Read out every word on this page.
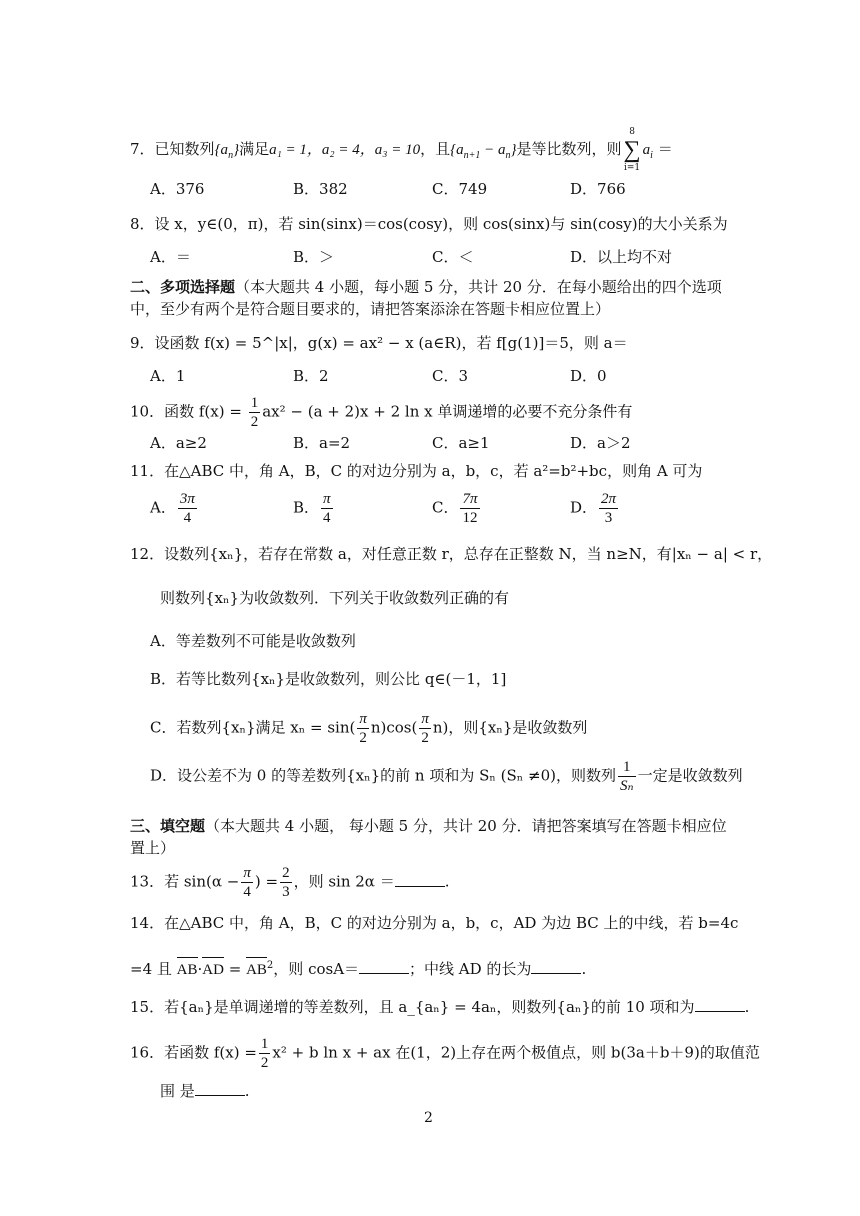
7．已知数列$\{a_n\}$满足a₁ = 1，a₂ = 4，a₃ = 10，且$\{a_{n+1} - a_n\}$是等比数列，则
8
∑
i=1
$a_i$ ＝
A．376	B．382	C．749	D．766
8．设 x，y∈(0，π)，若 sin(sinx)＝cos(cosy)，则 cos(sinx)与 sin(cosy)的大小关系为
A．＝	B．＞	C．＜	D．以上均不对
二、多项选择题（本大题共 4 小题，每小题 5 分，共计 20 分．在每小题给出的四个选项中，至少有两个是符合题目要求的，请把答案添涂在答题卡相应位置上）
9．设函数 f(x) = 5^|x|，g(x) = ax² − x (a∈R)，若 f[g(1)]＝5，则 a＝
A．1	B．2	C．3	D．0
10．函数 $f(x) = \frac{1}{2} ax^2 - (a + 2)x + 2$ ln x 单调递增的必要不充分条件有
A．a≥2	B．a=2	C．a≥1	D．a＞2
11．在△ABC 中，角 A，B，C 的对边分别为 a，b，c，若 a²=b²+bc，则角 A 可为
A． $\frac{3\pi}{4}$	B． $\frac{\pi}{4}$	C． $\frac{7\pi}{12}$	D． $\frac{2\pi}{3}$
12．设数列{xₙ}，若存在常数 a，对任意正数 r，总存在正整数 N，当 n≥N，有|xₙ − a| < r，
则数列{xₙ}为收敛数列．下列关于收敛数列正确的有
A．等差数列不可能是收敛数列
B．若等比数列{xₙ}是收敛数列，则公比 q∈(－1，1]
C．若数列{xₙ}满足 $x_n = \sin( \frac{\pi}{2} n)\cos( \frac{\pi}{2} n)$，则{xₙ}是收敛数列
D．设公差不为 0 的等差数列{xₙ}的前 n 项和为 Sₙ (Sₙ ≠0)，则数列 $\frac{1}{\text{Sₙ}}$ 一定是收敛数列
三、填空题（本大题共 4 小题， 每小题 5 分，共计 20 分．请把答案填写在答题卡相应位置上）
13．若 $\sin(\alpha - \frac{\pi}{4}$ ) = $\frac{2}{3}$ ，则 sin 2α ＝	.
14．在△ABC 中，角 A，B，C 的对边分别为 a，b，c，AD 为边 BC 上的中线，若 b=4c
=4 且 $AB\cdot AD = AB^2$，则 cosA＝	；中线 AD 的长为	.
15．若{aₙ}是单调递增的等差数列，且 a_{aₙ} = 4aₙ，则数列{aₙ}的前 10 项和为	.
16．若函数 $f(x) = \frac{1}{2} x^2 + b$ ln x + ax 在(1，2)上存在两个极值点，则 b(3a＋b＋9)的取值范
围 是	.
2
